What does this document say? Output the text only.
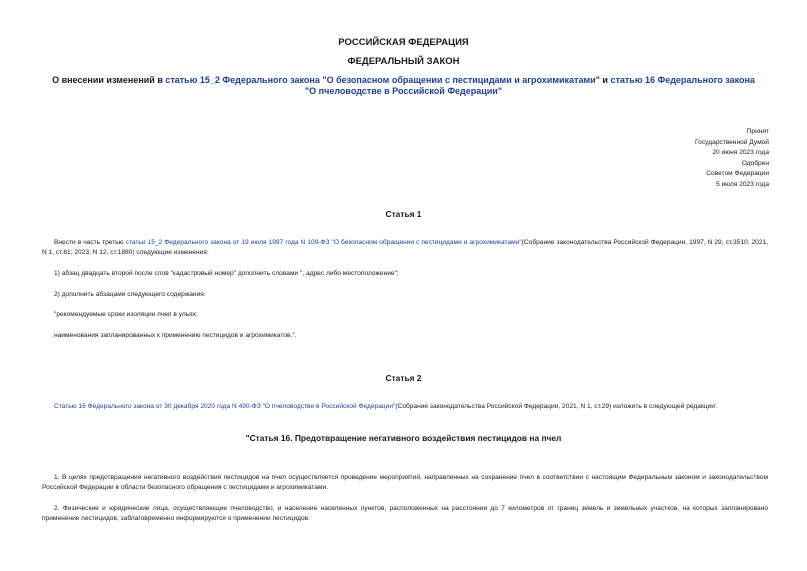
РОССИЙСКАЯ ФЕДЕРАЦИЯ
ФЕДЕРАЛЬНЫЙ ЗАКОН
О внесении изменений в статью 15_2 Федерального закона "О безопасном обращении с пестицидами и агрохимикатами" и статью 16 Федерального закона "О пчеловодстве в Российской Федерации"
Принят
Государственной Думой
20 июня 2023 года
Одобрен
Советом Федерации
5 июля 2023 года
Статья 1
Внести в часть третью статьи 15_2 Федерального закона от 19 июля 1997 года N 109-ФЗ "О безопасном обращении с пестицидами и агрохимикатами"(Собрание законодательства Российской Федерации, 1997, N 29, ст.3510; 2021, N 1, ст.61; 2023, N 12, ст.1880) следующие изменения:
1) абзац двадцать второй после слов "кадастровый номер" дополнить словами ", адрес либо местоположение";
2) дополнить абзацами следующего содержания:
"рекомендуемые сроки изоляции пчел в ульях;
наименования запланированных к применению пестицидов и агрохимикатов.".
Статья 2
Статью 16 Федерального закона от 30 декабря 2020 года N 490-ФЗ "О пчеловодстве в Российской Федерации"(Собрание законодательства Российской Федерации, 2021, N 1, ст.29) изложить в следующей редакции:
"Статья 16. Предотвращение негативного воздействия пестицидов на пчел
1. В целях предотвращения негативного воздействия пестицидов на пчел осуществляется проведение мероприятий, направленных на сохранение пчел в соответствии с настоящим Федеральным законом и законодательством Российской Федерации в области безопасного обращения с пестицидами и агрохимикатами.
2. Физические и юридические лица, осуществляющие пчеловодство, и население населенных пунктов, расположенных на расстоянии до 7 километров от границ земель и земельных участков, на которых запланировано применение пестицидов, заблаговременно информируются о применении пестицидов.
